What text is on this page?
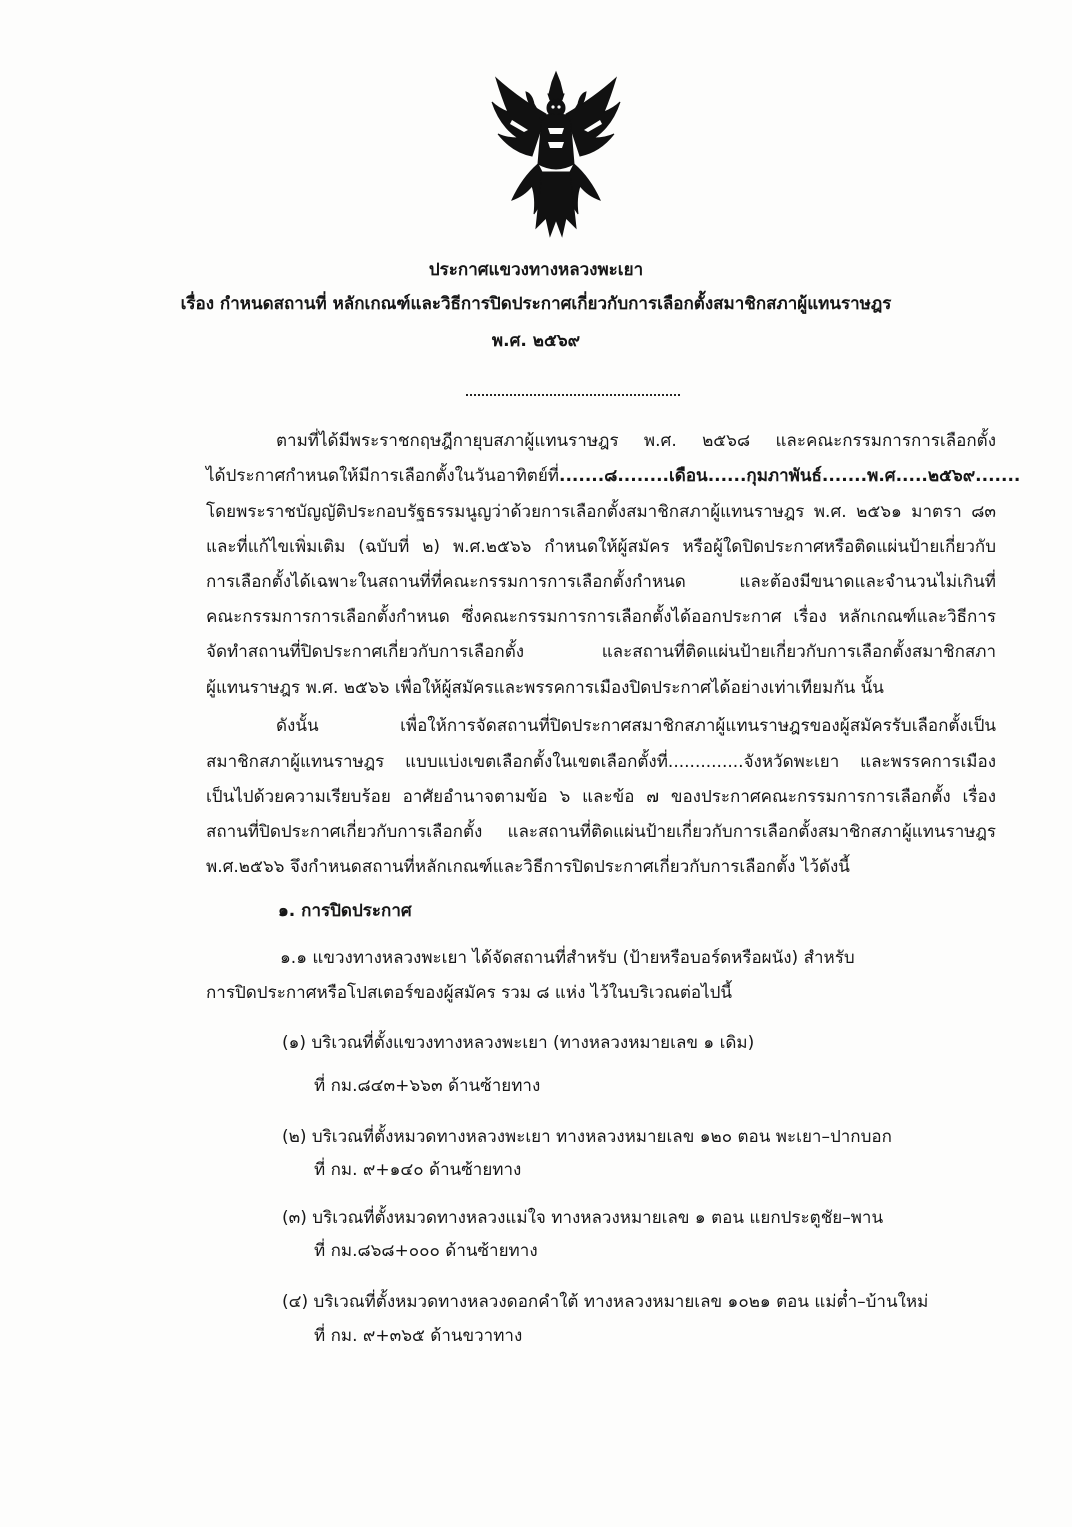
ประกาศแขวงทางหลวงพะเยา
เรื่อง กำหนดสถานที่ หลักเกณฑ์และวิธีการปิดประกาศเกี่ยวกับการเลือกตั้งสมาชิกสภาผู้แทนราษฎร
พ.ศ. ๒๕๖๙
ตามที่ได้มีพระราชกฤษฎีกายุบสภาผู้แทนราษฎร พ.ศ. ๒๕๖๘ และคณะกรรมการการเลือกตั้ง
ได้ประกาศกำหนดให้มีการเลือกตั้งในวันอาทิตย์ที่ .......๘........ เดือน ......กุมภาพันธ์....... พ.ศ. ....๒๕๖๙.......
โดยพระราชบัญญัติประกอบรัฐธรรมนูญว่าด้วยการเลือกตั้งสมาชิกสภาผู้แทนราษฎร พ.ศ. ๒๕๖๑ มาตรา ๘๓
และที่แก้ไขเพิ่มเติม (ฉบับที่ ๒) พ.ศ.๒๕๖๖ กำหนดให้ผู้สมัคร หรือผู้ใดปิดประกาศหรือติดแผ่นป้ายเกี่ยวกับ
การเลือกตั้งได้เฉพาะในสถานที่ที่คณะกรรมการการเลือกตั้งกำหนด และต้องมีขนาดและจำนวนไม่เกินที่
คณะกรรมการการเลือกตั้งกำหนด ซึ่งคณะกรรมการการเลือกตั้งได้ออกประกาศ เรื่อง หลักเกณฑ์และวิธีการ
จัดทำสถานที่ปิดประกาศเกี่ยวกับการเลือกตั้ง และสถานที่ติดแผ่นป้ายเกี่ยวกับการเลือกตั้งสมาชิกสภา
ผู้แทนราษฎร พ.ศ. ๒๕๖๖ เพื่อให้ผู้สมัครและพรรคการเมืองปิดประกาศได้อย่างเท่าเทียมกัน นั้น
ดังนั้น เพื่อให้การจัดสถานที่ปิดประกาศสมาชิกสภาผู้แทนราษฎรของผู้สมัครรับเลือกตั้งเป็น
สมาชิกสภาผู้แทนราษฎร แบบแบ่งเขตเลือกตั้งในเขตเลือกตั้งที่..............จังหวัดพะเยา และพรรคการเมือง
เป็นไปด้วยความเรียบร้อย อาศัยอำนาจตามข้อ ๖ และข้อ ๗ ของประกาศคณะกรรมการการเลือกตั้ง เรื่อง
สถานที่ปิดประกาศเกี่ยวกับการเลือกตั้ง และสถานที่ติดแผ่นป้ายเกี่ยวกับการเลือกตั้งสมาชิกสภาผู้แทนราษฎร
พ.ศ.๒๕๖๖ จึงกำหนดสถานที่หลักเกณฑ์และวิธีการปิดประกาศเกี่ยวกับการเลือกตั้ง ไว้ดังนี้
๑. การปิดประกาศ
๑.๑ แขวงทางหลวงพะเยา ได้จัดสถานที่สำหรับ (ป้ายหรือบอร์ดหรือผนัง) สำหรับ
การปิดประกาศหรือโปสเตอร์ของผู้สมัคร รวม ๘ แห่ง ไว้ในบริเวณต่อไปนี้
(๑) บริเวณที่ตั้งแขวงทางหลวงพะเยา (ทางหลวงหมายเลข ๑ เดิม)
ที่ กม.๘๔๓+๖๖๓ ด้านซ้ายทาง
(๒) บริเวณที่ตั้งหมวดทางหลวงพะเยา ทางหลวงหมายเลข ๑๒๐ ตอน พะเยา–ปากบอก
ที่ กม. ๙+๑๔๐ ด้านซ้ายทาง
(๓) บริเวณที่ตั้งหมวดทางหลวงแม่ใจ ทางหลวงหมายเลข ๑ ตอน แยกประตูชัย–พาน
ที่ กม.๘๖๘+๐๐๐ ด้านซ้ายทาง
(๔) บริเวณที่ตั้งหมวดทางหลวงดอกคำใต้ ทางหลวงหมายเลข ๑๐๒๑ ตอน แม่ต๋ำ–บ้านใหม่
ที่ กม. ๙+๓๖๕ ด้านขวาทาง
